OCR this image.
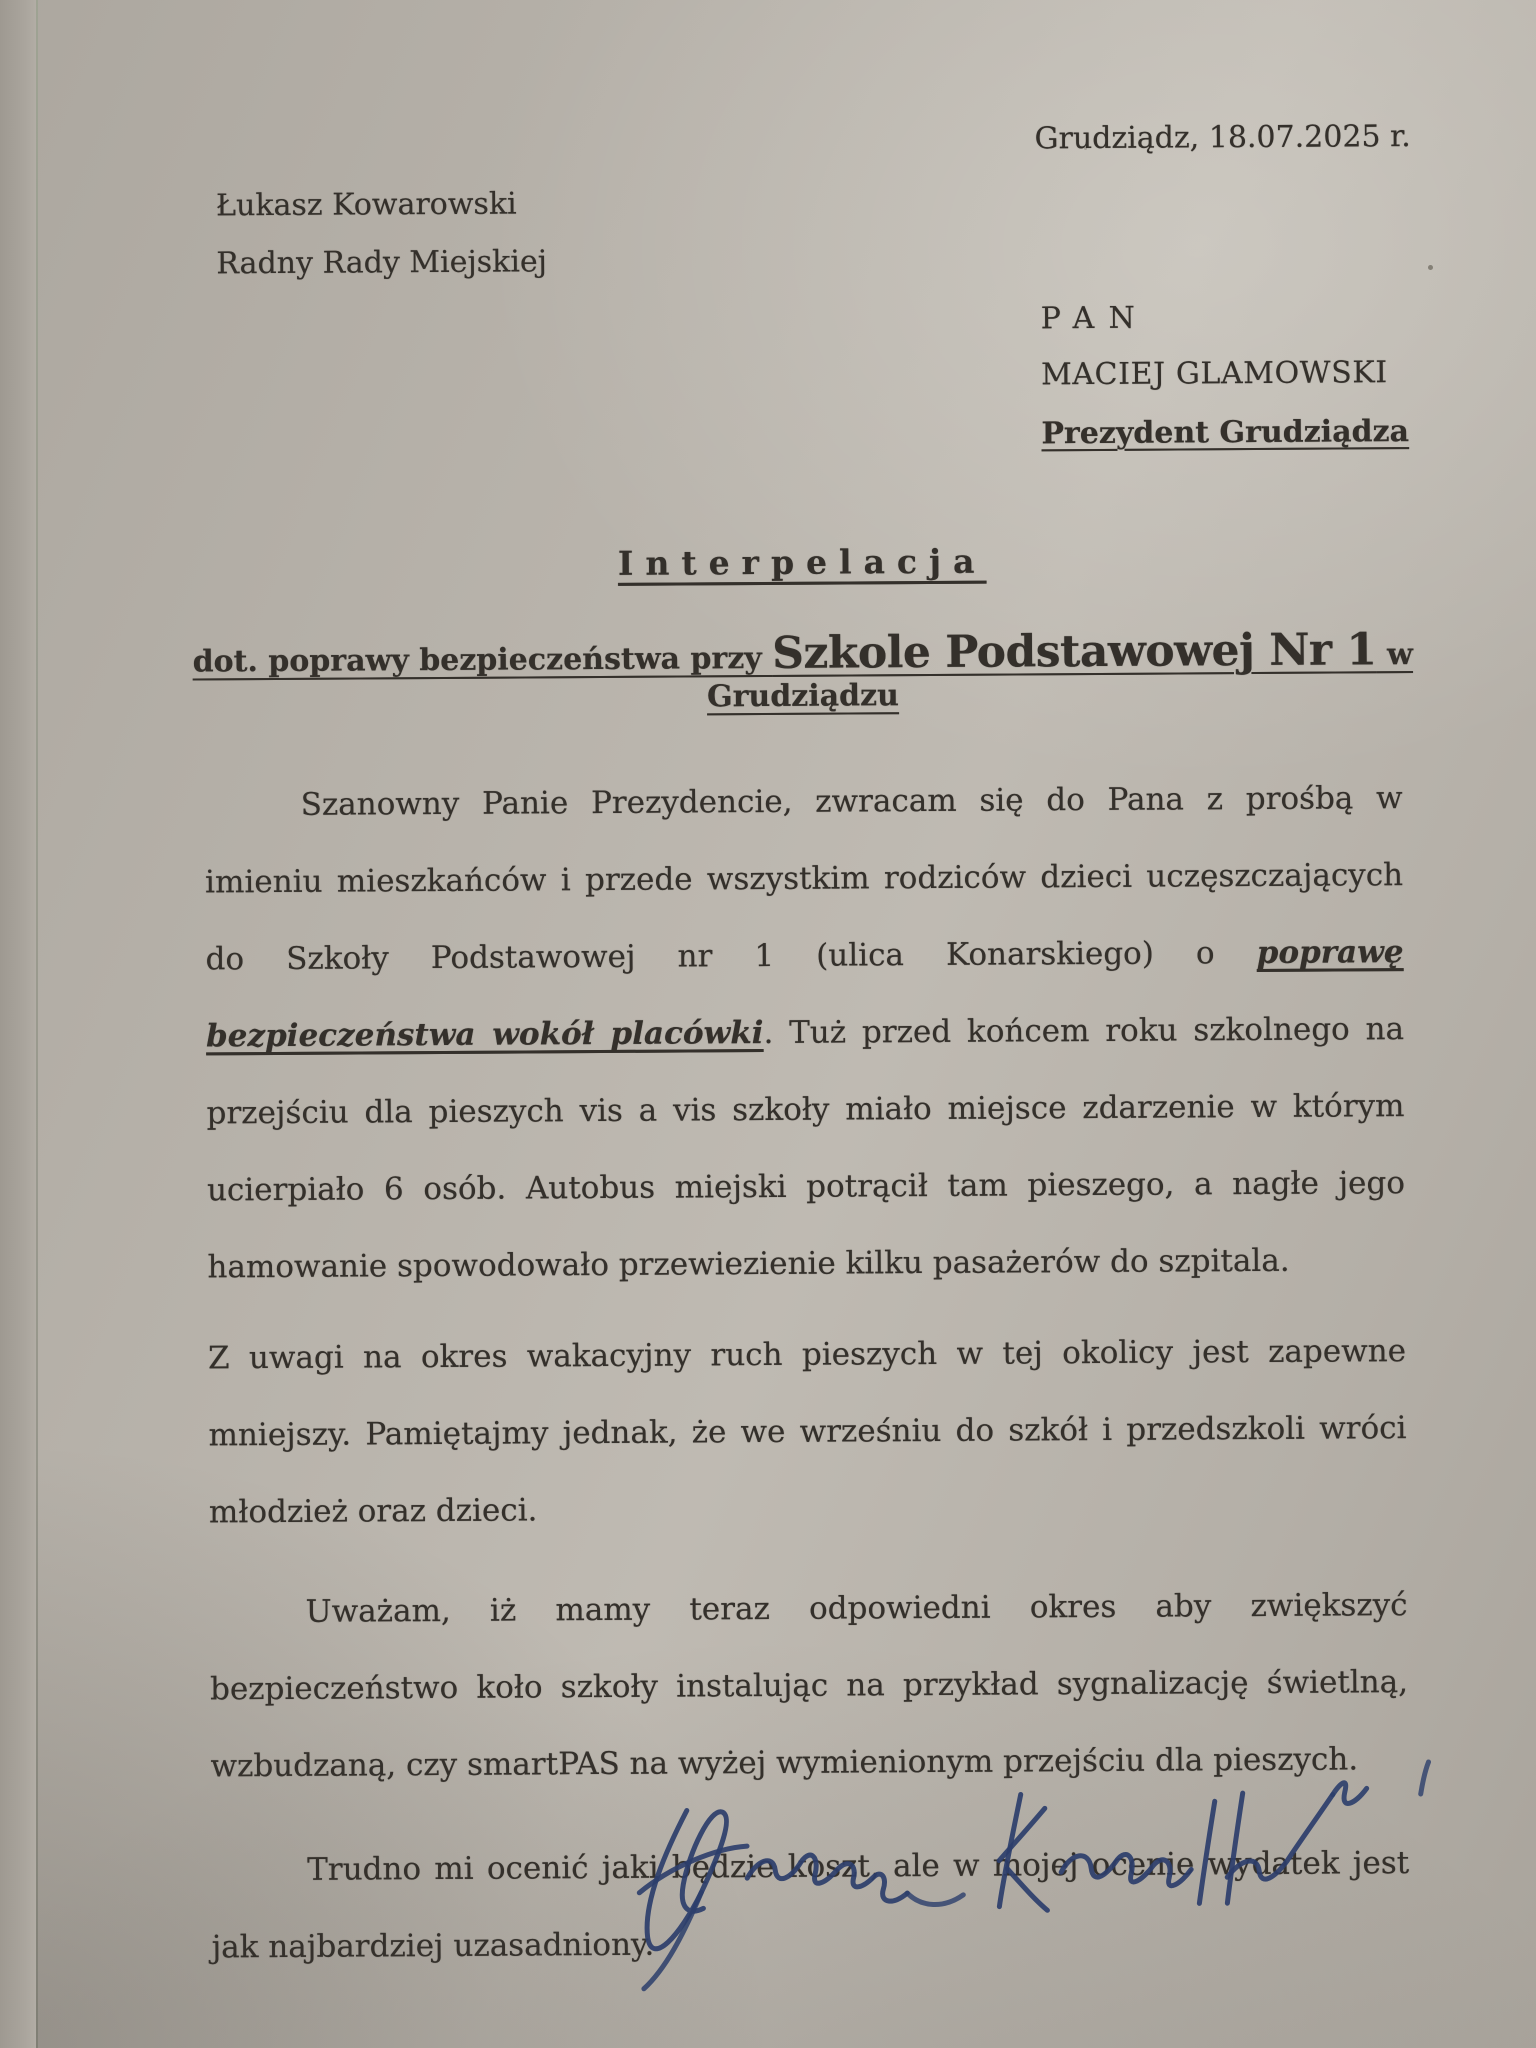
Grudziądz, 18.07.2025 r.
Łukasz Kowarowski
Radny Rady Miejskiej
PAN
MACIEJ GLAMOWSKI
Prezydent Grudziądza
Interpelacja
dot. poprawy bezpieczeństwa przy Szkole Podstawowej Nr 1 w Grudziądzu

Szanowny Panie Prezydencie, zwracam się do Pana z prośbą w imieniu mieszkańców i przede wszystkim rodziców dzieci uczęszczających do Szkoły Podstawowej nr 1 (ulica Konarskiego) o poprawę bezpieczeństwa wokół placówki. Tuż przed końcem roku szkolnego na przejściu dla pieszych vis a vis szkoły miało miejsce zdarzenie w którym ucierpiało 6 osób. Autobus miejski potrącił tam pieszego, a nagłe jego hamowanie spowodowało przewiezienie kilku pasażerów do szpitala.

Z uwagi na okres wakacyjny ruch pieszych w tej okolicy jest zapewne mniejszy. Pamiętajmy jednak, że we wrześniu do szkół i przedszkoli wróci młodzież oraz dzieci.

Uważam, iż mamy teraz odpowiedni okres aby zwiększyć bezpieczeństwo koło szkoły instalując na przykład sygnalizację świetlną, wzbudzaną, czy smartPAS na wyżej wymienionym przejściu dla pieszych.

Trudno mi ocenić jaki będzie koszt, ale w mojej ocenie wydatek jest jak najbardziej uzasadniony.
